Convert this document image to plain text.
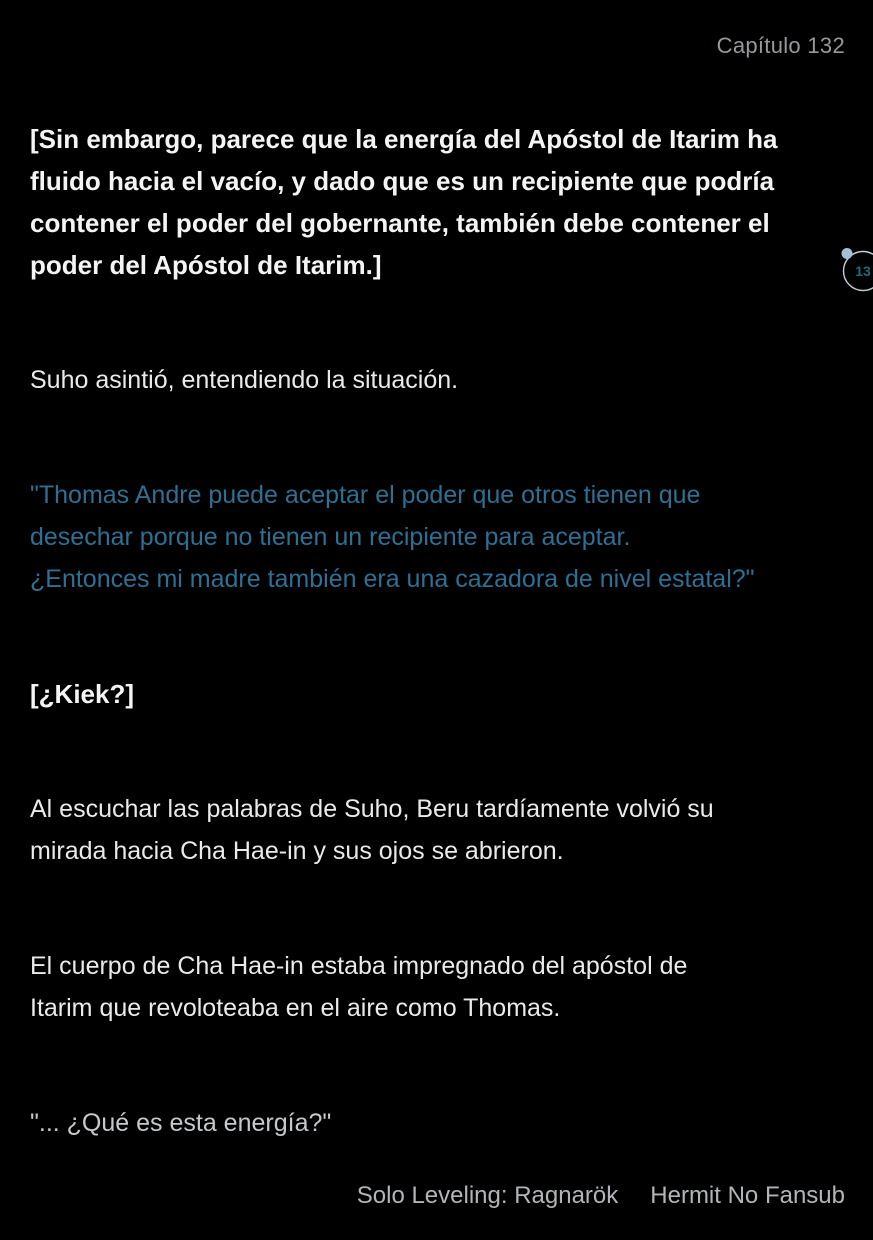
Capítulo 132

[Sin embargo, parece que la energía del Apóstol de Itarim ha
fluido hacia el vacío, y dado que es un recipiente que podría
contener el poder del gobernante, también debe contener el
poder del Apóstol de Itarim.]

Suho asintió, entendiendo la situación.

"Thomas Andre puede aceptar el poder que otros tienen que
desechar porque no tienen un recipiente para aceptar.
¿Entonces mi madre también era una cazadora de nivel estatal?"

[¿Kiek?]

Al escuchar las palabras de Suho, Beru tardíamente volvió su
mirada hacia Cha Hae-in y sus ojos se abrieron.

El cuerpo de Cha Hae-in estaba impregnado del apóstol de
Itarim que revoloteaba en el aire como Thomas.

"... ¿Qué es esta energía?"

13
Solo Leveling: Ragnarök Hermit No Fansub
